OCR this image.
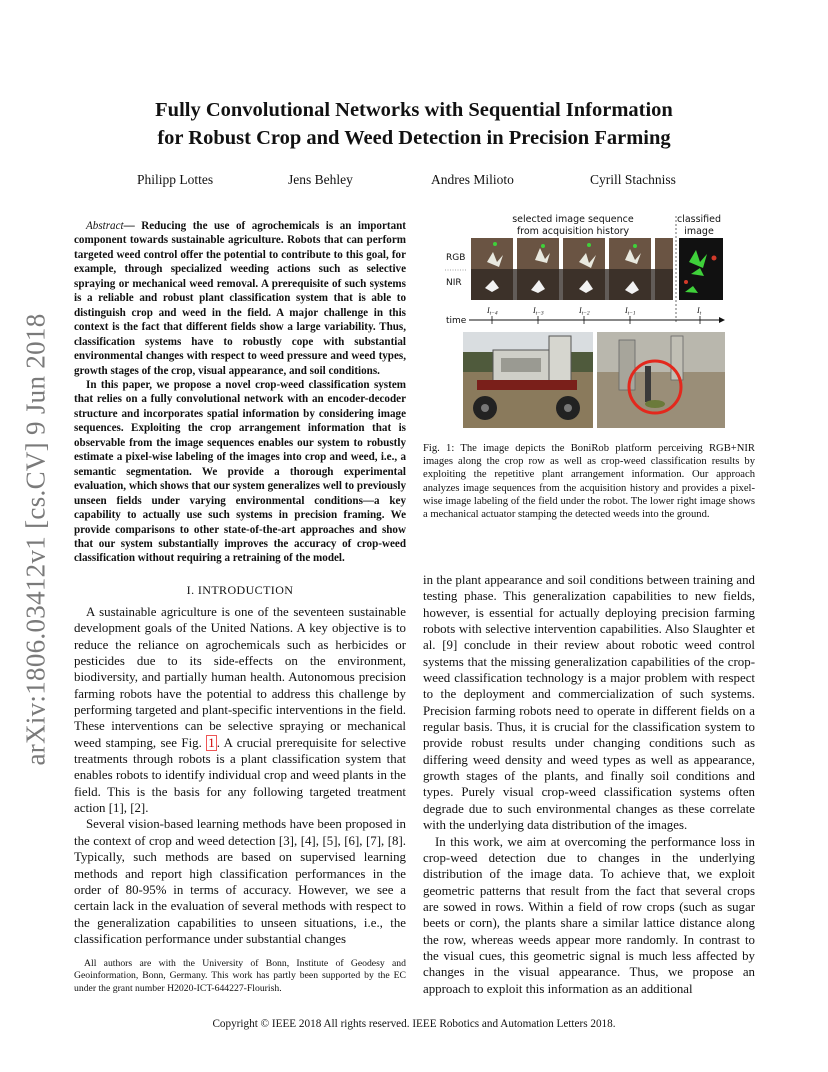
arXiv:1806.03412v1 [cs.CV] 9 Jun 2018
Fully Convolutional Networks with Sequential Information
for Robust Crop and Weed Detection in Precision Farming
Philipp Lottes	Jens Behley	Andres Milioto	Cyrill Stachniss

Abstract— Reducing the use of agrochemicals is an important component towards sustainable agriculture. Robots that can perform targeted weed control offer the potential to contribute to this goal, for example, through specialized weeding actions such as selective spraying or mechanical weed removal. A prerequisite of such systems is a reliable and robust plant classification system that is able to distinguish crop and weed in the field. A major challenge in this context is the fact that different fields show a large variability. Thus, classification systems have to robustly cope with substantial environmental changes with respect to weed pressure and weed types, growth stages of the crop, visual appearance, and soil conditions.

In this paper, we propose a novel crop-weed classification system that relies on a fully convolutional network with an encoder-decoder structure and incorporates spatial information by considering image sequences. Exploiting the crop arrangement information that is observable from the image sequences enables our system to robustly estimate a pixel-wise labeling of the images into crop and weed, i.e., a semantic segmentation. We provide a thorough experimental evaluation, which shows that our system generalizes well to previously unseen fields under varying environmental conditions—a key capability to actually use such systems in precision framing. We provide comparisons to other state-of-the-art approaches and show that our system substantially improves the accuracy of crop-weed classification without requiring a retraining of the model.

I. INTRODUCTION

A sustainable agriculture is one of the seventeen sustainable development goals of the United Nations. A key objective is to reduce the reliance on agrochemicals such as herbicides or pesticides due to its side-effects on the environment, biodiversity, and partially human health. Autonomous precision farming robots have the potential to address this challenge by performing targeted and plant-specific interventions in the field. These interventions can be selective spraying or mechanical weed stamping, see Fig. 1 . A crucial prerequisite for selective treatments through robots is a plant classification system that enables robots to identify individual crop and weed plants in the field. This is the basis for any following targeted treatment action [1], [2].

Several vision-based learning methods have been proposed in the context of crop and weed detection [3], [4], [5], [6], [7], [8]. Typically, such methods are based on supervised learning methods and report high classification performances in the order of 80-95% in terms of accuracy. However, we see a certain lack in the evaluation of several methods with respect to the generalization capabilities to unseen situations, i.e., the classification performance under substantial changes

All authors are with the University of Bonn, Institute of Geodesy and Geoinformation, Bonn, Germany. This work has partly been supported by the EC under the grant number H2020-ICT-644227-Flourish.
selected image sequence
from acquisition history
classified
image
RGB
NIR
time
It−4	It−3	It−2	It−1	It
Fig. 1: The image depicts the BoniRob platform perceiving RGB+NIR images along the crop row as well as crop-weed classification results by exploiting the repetitive plant arrangement information. Our approach analyzes image sequences from the acquisition history and provides a pixel-wise image labeling of the field under the robot. The lower right image shows a mechanical actuator stamping the detected weeds into the ground.

in the plant appearance and soil conditions between training and testing phase. This generalization capabilities to new fields, however, is essential for actually deploying precision farming robots with selective intervention capabilities. Also Slaughter et al. [9] conclude in their review about robotic weed control systems that the missing generalization capabilities of the crop-weed classification technology is a major problem with respect to the deployment and commercialization of such systems. Precision farming robots need to operate in different fields on a regular basis. Thus, it is crucial for the classification system to provide robust results under changing conditions such as differing weed density and weed types as well as appearance, growth stages of the plants, and finally soil conditions and types. Purely visual crop-weed classification systems often degrade due to such environmental changes as these correlate with the underlying data distribution of the images.

In this work, we aim at overcoming the performance loss in crop-weed detection due to changes in the underlying distribution of the image data. To achieve that, we exploit geometric patterns that result from the fact that several crops are sowed in rows. Within a field of row crops (such as sugar beets or corn), the plants share a similar lattice distance along the row, whereas weeds appear more randomly. In contrast to the visual cues, this geometric signal is much less affected by changes in the visual appearance. Thus, we propose an approach to exploit this information as an additional

Copyright © IEEE 2018 All rights reserved. IEEE Robotics and Automation Letters 2018.
